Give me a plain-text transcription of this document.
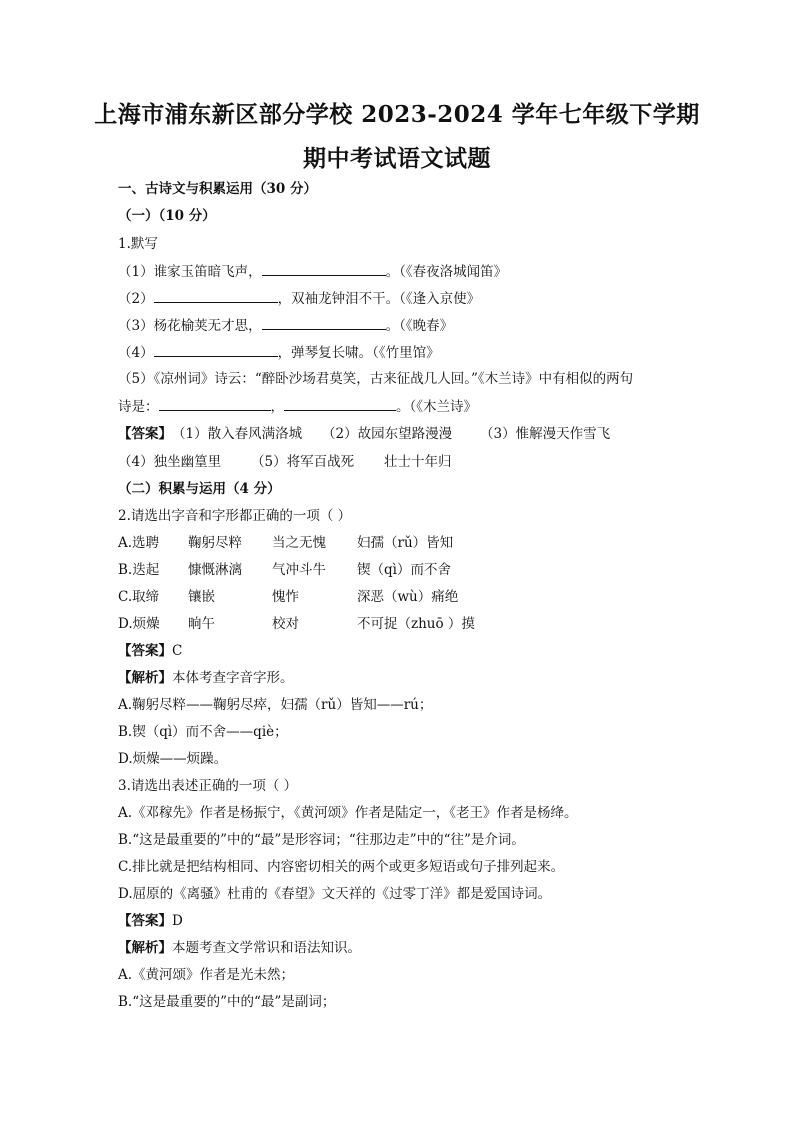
上海市浦东新区部分学校 2023-2024 学年七年级下学期
期中考试语文试题
一、古诗文与积累运用（30 分）
（一）（10 分）
1.默写
（1）谁家玉笛暗飞声，	。（《春夜洛城闻笛》
（2）	，双袖龙钟泪不干。（《逢入京使》
（3）杨花榆荚无才思，	。（《晚春》
（4）	，弹琴复长啸。（《竹里馆》
（5）《凉州词》诗云：“醉卧沙场君莫笑，古来征战几人回。”《木兰诗》中有相似的两句
诗是：	，	。（《木兰诗》
【答案】（1）散入春风满洛城 （2）故园东望路漫漫 （3）惟解漫天作雪飞
（4）独坐幽篁里 （5）将军百战死 壮士十年归
（二）积累与运用（4 分）
2.请选出字音和字形都正确的一项（ ）
A.选聘 鞠躬尽粹 当之无愧 妇孺（rǔ）皆知
B.迭起 慷慨淋漓 气冲斗牛 锲（qì）而不舍
C.取缔 镶嵌	愧怍	深恶（wù）痛绝
D.烦燥 晌午	校对	不可捉（zhuō ）摸
【答案】C
【解析】本体考查字音字形。
A.鞠躬尽粹——鞠躬尽瘁，妇孺（rǔ）皆知——rú；
B.锲（qì）而不舍——qiè；
D.烦燥——烦躁。
3.请选出表述正确的一项（ ）
A.《邓稼先》作者是杨振宁，《黄河颂》作者是陆定一，《老王》作者是杨绛。
B.“这是最重要的”中的“最”是形容词；“往那边走”中的“往”是介词。
C.排比就是把结构相同、内容密切相关的两个或更多短语或句子排列起来。
D.屈原的《离骚》杜甫的《春望》文天祥的《过零丁洋》都是爱国诗词。
【答案】D
【解析】本题考查文学常识和语法知识。
A.《黄河颂》作者是光未然；
B.“这是最重要的”中的“最”是副词；
